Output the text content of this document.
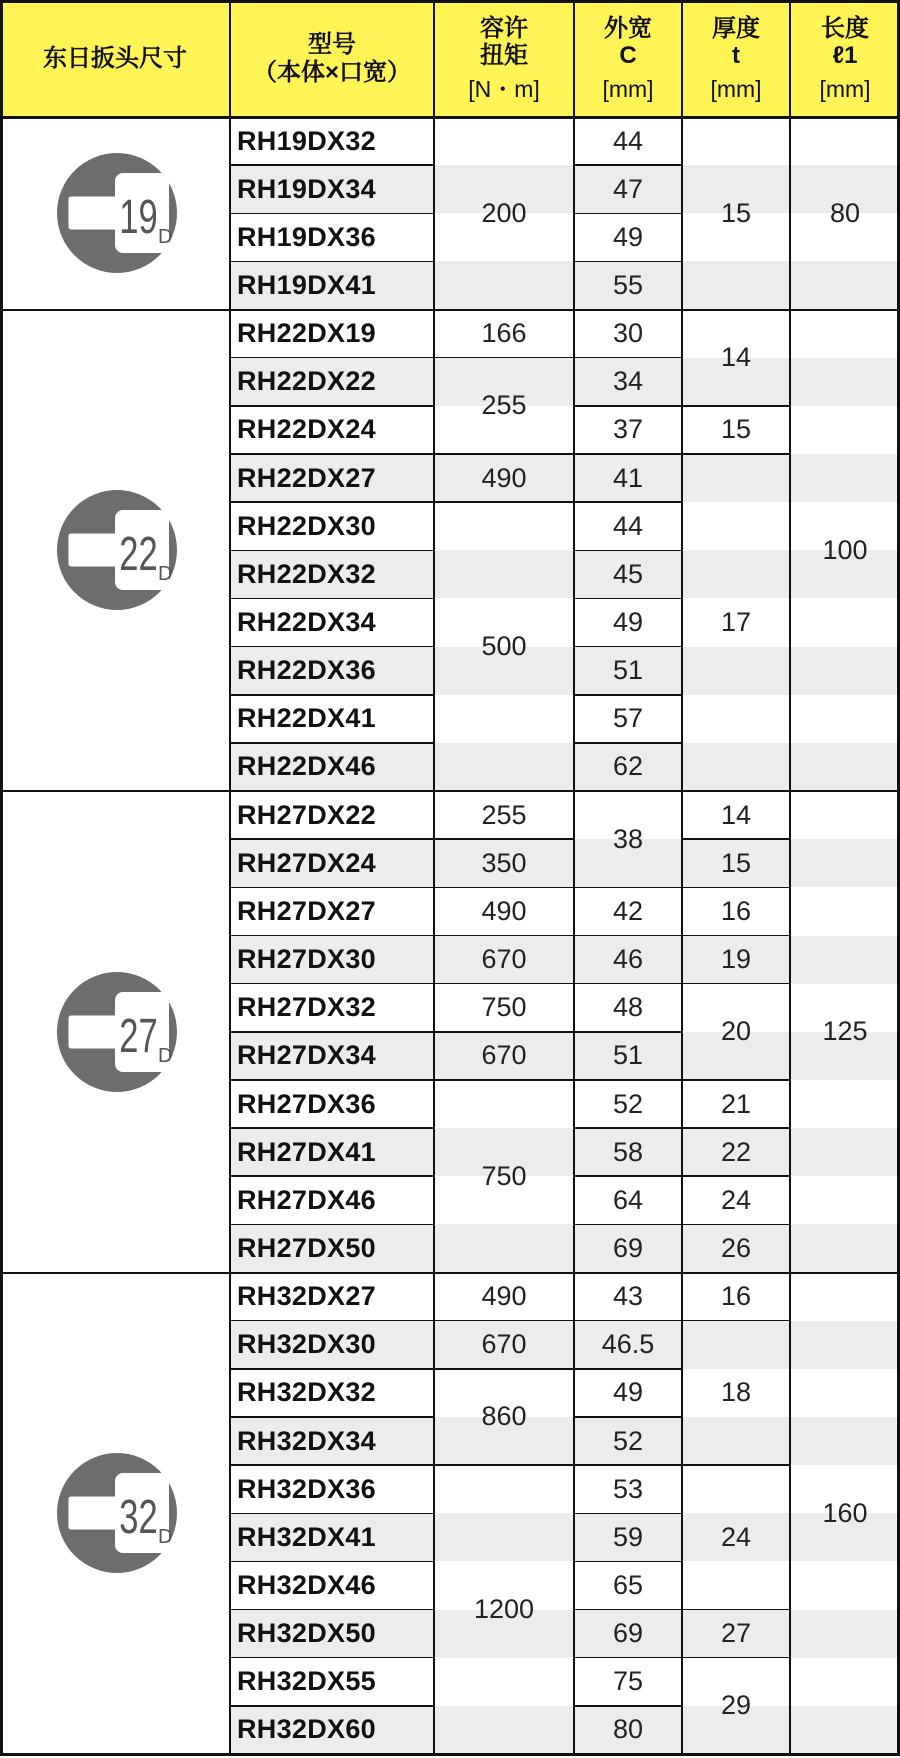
东日扳头尺寸
型号
（本体×口宽）
容许
扭矩
[N・m]
外宽
C
[mm]
厚度
t
[mm]
长度
ℓ1
[mm]
19 D
RH19DX32
RH19DX34
RH19DX36
RH19DX41
44
47
49
55
200	15	80
22 D
RH22DX19
RH22DX22
RH22DX24
RH22DX27
RH22DX30
RH22DX32
RH22DX34
RH22DX36
RH22DX41
RH22DX46
30
34
37
41
44
45
49
51
57
62
166
255
490
500
14
15
17
100
27 D
RH27DX22
RH27DX24
RH27DX27
RH27DX30
RH27DX32
RH27DX34
RH27DX36
RH27DX41
RH27DX46
RH27DX50
38
42
46
48
51
52
58
64
69
255
350
490
670
750
670
750
14
15
16
19
20
21
22
24
26
125
32 D
RH32DX27
RH32DX30
RH32DX32
RH32DX34
RH32DX36
RH32DX41
RH32DX46
RH32DX50
RH32DX55
RH32DX60
43
46.5
49
52
53
59
65
69
75
80
490
670
860
1200
16
18
24
27
29
160
